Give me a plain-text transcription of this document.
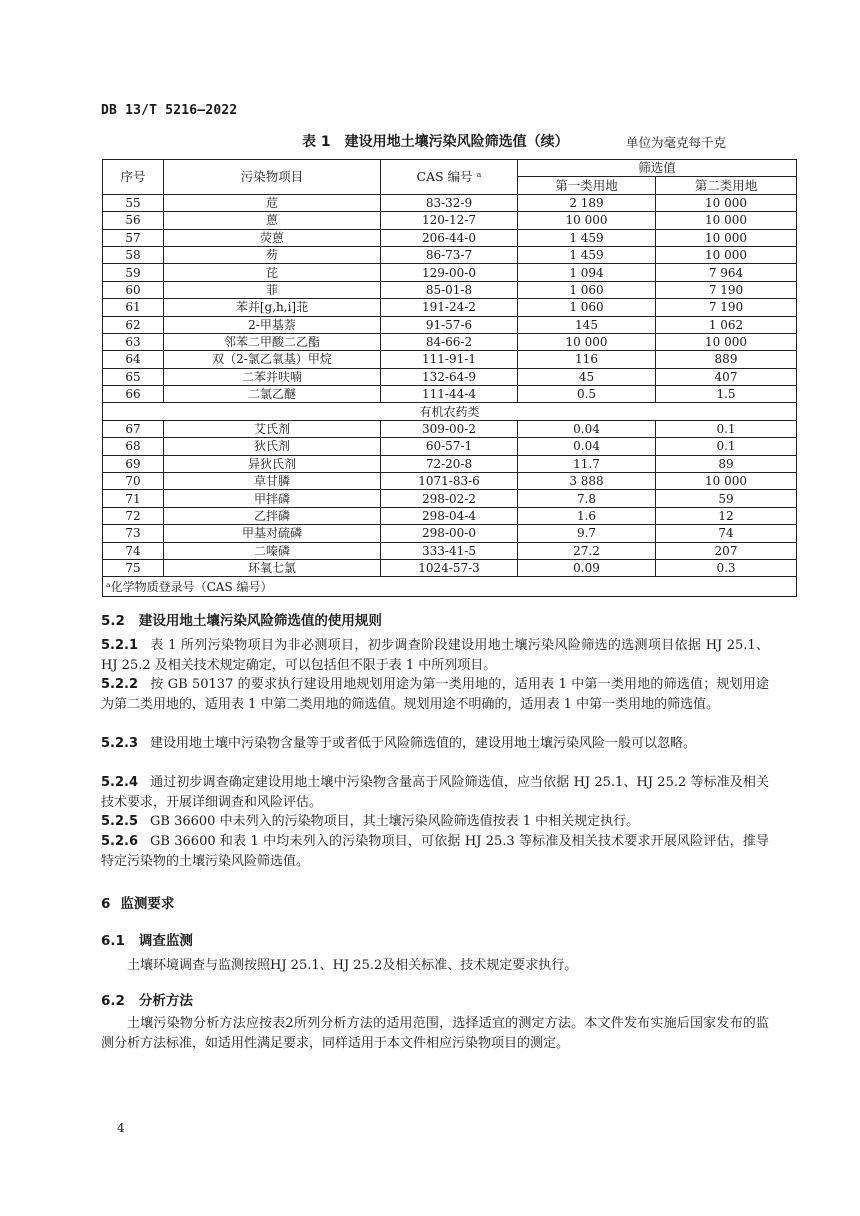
DB 13/T 5216—2022
表 1　建设用地土壤污染风险筛选值（续）	单位为毫克每千克
序号	污染物项目	CAS 编号 ᵃ	筛选值	
			第一类用地	第二类用地
55	苊	83-32-9	2 189	10 000
56	蒽	120-12-7	10 000	10 000
57	荧蒽	206-44-0	1 459	10 000
58	芴	86-73-7	1 459	10 000
59	芘	129-00-0	1 094	7 964
60	菲	85-01-8	1 060	7 190
61	苯并[g,h,i]苝	191-24-2	1 060	7 190
62	2-甲基萘	91-57-6	145	1 062
63	邻苯二甲酸二乙酯	84-66-2	10 000	10 000
64	双（2-氯乙氧基）甲烷	111-91-1	116	889
65	二苯并呋喃	132-64-9	45	407
66	二氯乙醚	111-44-4	0.5	1.5
有机农药类				
67	艾氏剂	309-00-2	0.04	0.1
68	狄氏剂	60-57-1	0.04	0.1
69	异狄氏剂	72-20-8	11.7	89
70	草甘膦	1071-83-6	3 888	10 000
71	甲拌磷	298-02-2	7.8	59
72	乙拌磷	298-04-4	1.6	12
73	甲基对硫磷	298-00-0	9.7	74
74	二嗪磷	333-41-5	27.2	207
75	环氧七氯	1024-57-3	0.09	0.3
ᵃ化学物质登录号（CAS 编号）				
5.2 建设用地土壤污染风险筛选值的使用规则
5.2.1 表 1 所列污染物项目为非必测项目，初步调查阶段建设用地土壤污染风险筛选的选测项目依据 HJ 25.1、HJ 25.2 及相关技术规定确定，可以包括但不限于表 1 中所列项目。
5.2.2 按 GB 50137 的要求执行建设用地规划用途为第一类用地的，适用表 1 中第一类用地的筛选值；规划用途为第二类用地的，适用表 1 中第二类用地的筛选值。规划用途不明确的，适用表 1 中第一类用地的筛选值。
5.2.3 建设用地土壤中污染物含量等于或者低于风险筛选值的，建设用地土壤污染风险一般可以忽略。
5.2.4 通过初步调查确定建设用地土壤中污染物含量高于风险筛选值，应当依据 HJ 25.1、HJ 25.2 等标准及相关技术要求，开展详细调查和风险评估。
5.2.5 GB 36600 中未列入的污染物项目，其土壤污染风险筛选值按表 1 中相关规定执行。
5.2.6 GB 36600 和表 1 中均未列入的污染物项目，可依据 HJ 25.3 等标准及相关技术要求开展风险评估，推导特定污染物的土壤污染风险筛选值。
6 监测要求
6.1 调查监测
土壤环境调查与监测按照HJ 25.1、HJ 25.2及相关标准、技术规定要求执行。
6.2 分析方法
土壤污染物分析方法应按表2所列分析方法的适用范围，选择适宜的测定方法。本文件发布实施后国家发布的监测分析方法标准，如适用性满足要求，同样适用于本文件相应污染物项目的测定。
4
